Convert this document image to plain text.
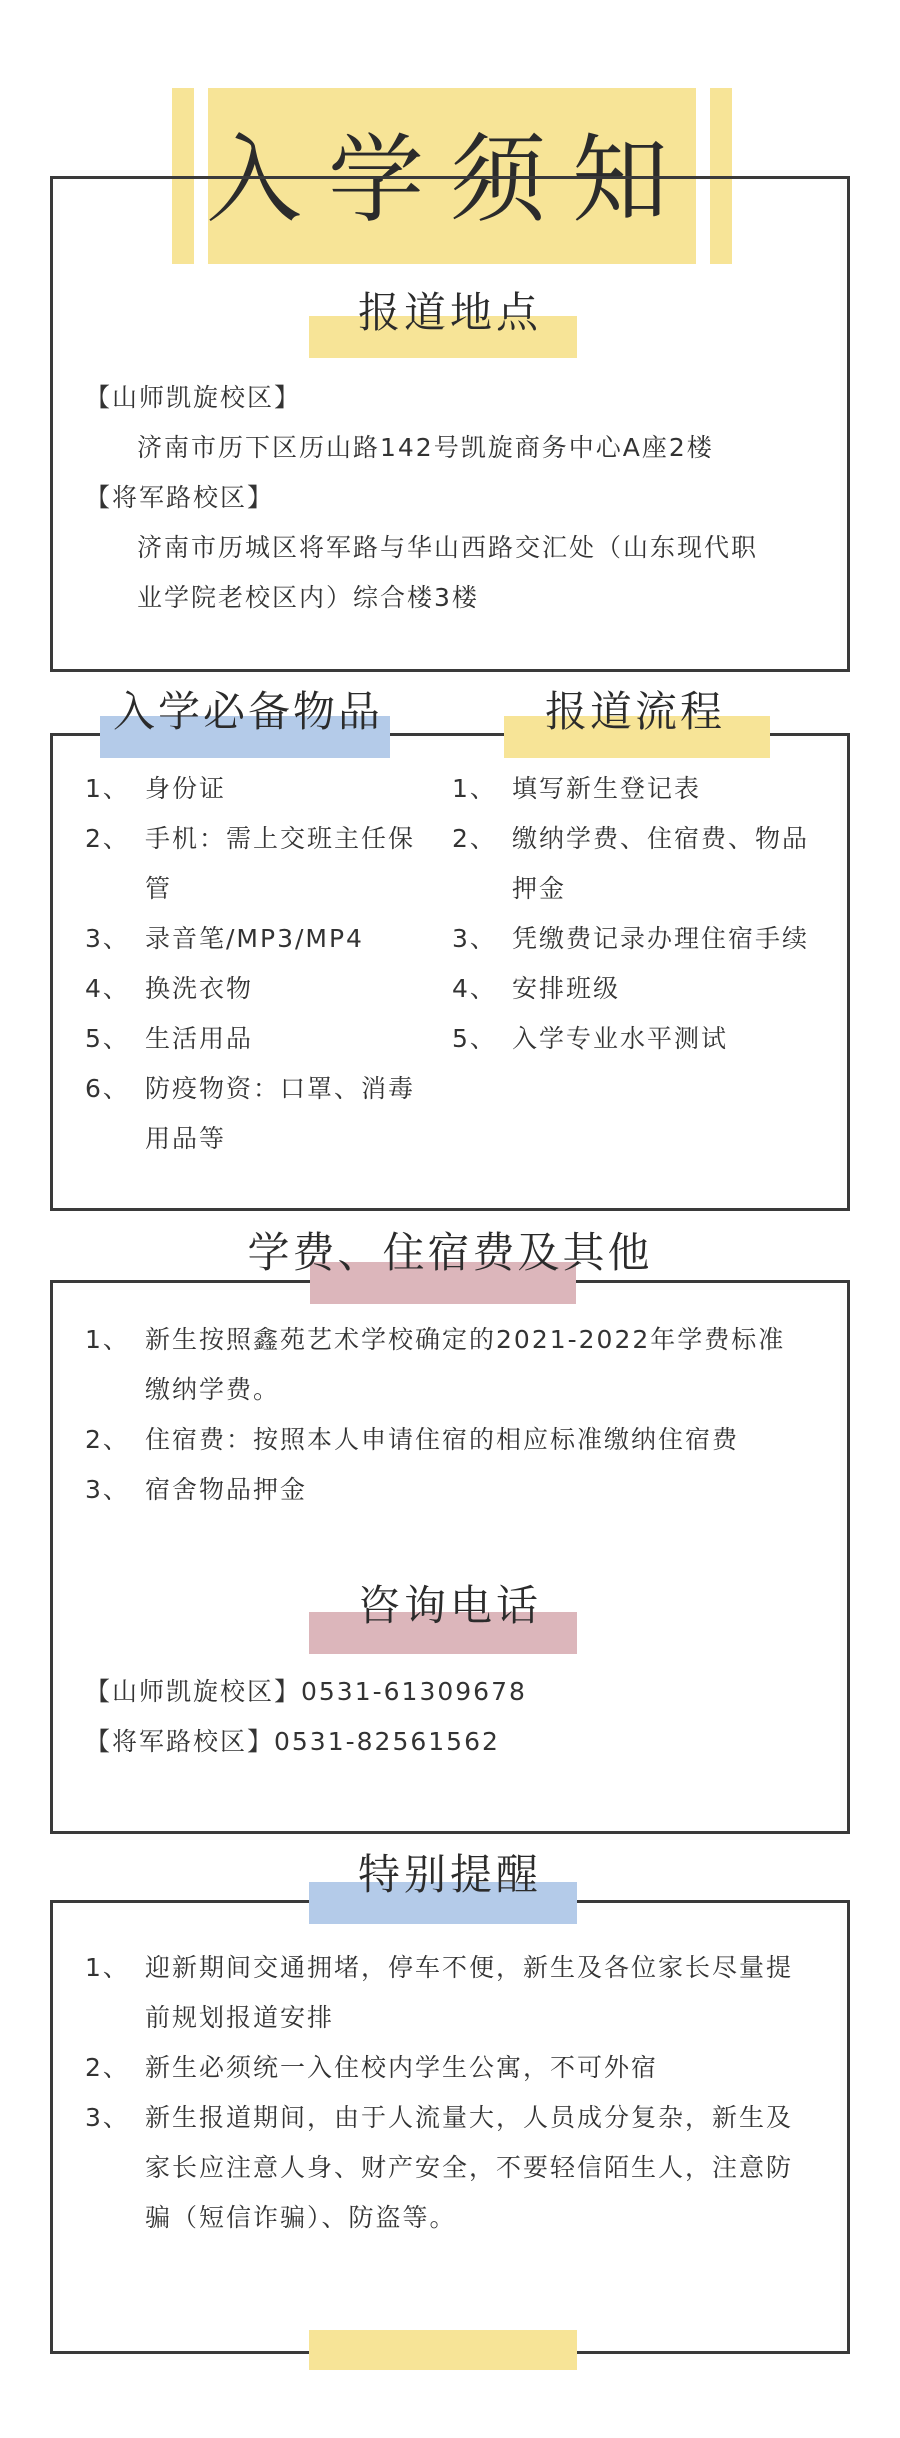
入学须知
报道地点
【山师凯旋校区】
济南市历下区历山路142号凯旋商务中心A座2楼
【将军路校区】
济南市历城区将军路与华山西路交汇处（山东现代职业学院老校区内）综合楼3楼
入学必备物品	报道流程
1、 身份证
2、 手机：需上交班主任保管
3、 录音笔/MP3/MP4
4、 换洗衣物
5、 生活用品
6、 防疫物资：口罩、消毒用品等
1、 填写新生登记表
2、 缴纳学费、住宿费、物品押金
3、 凭缴费记录办理住宿手续
4、 安排班级
5、 入学专业水平测试
学费、住宿费及其他
1、 新生按照鑫苑艺术学校确定的2021-2022年学费标准缴纳学费。
2、 住宿费：按照本人申请住宿的相应标准缴纳住宿费
3、 宿舍物品押金
咨询电话
【山师凯旋校区】0531-61309678
【将军路校区】0531-82561562
特别提醒
1、 迎新期间交通拥堵，停车不便，新生及各位家长尽量提前规划报道安排
2、 新生必须统一入住校内学生公寓，不可外宿
3、 新生报道期间，由于人流量大，人员成分复杂，新生及家长应注意人身、财产安全，不要轻信陌生人，注意防骗（短信诈骗）、防盗等。
